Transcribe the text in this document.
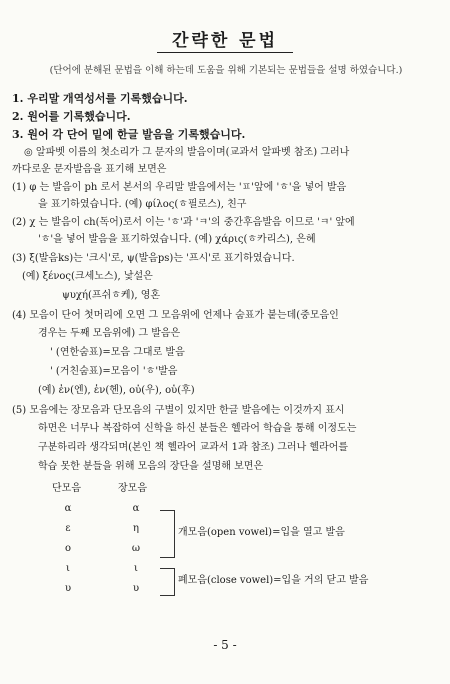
간략한 문법
(단어에 분해된 문법을 이해 하는데 도움을 위해 기본되는 문법들을 설명 하였습니다.)
1. 우리말 개역성서를 기록했습니다.
2. 원어를 기록했습니다.
3. 원어 각 단어 밑에 한글 발음을 기록했습니다.
◎ 알파벳 이름의 첫소리가 그 문자의 발음이며(교과서 알파벳 참조) 그러나
까다로운 문자발음을 표기해 보면은
(1) φ 는 발음이 ph 로서 본서의 우리말 발음에서는 'ㅍ'앞에 'ㅎ'을 넣어 발음
을 표기하였습니다. (예) φίλος(ㅎ필로스), 친구
(2) χ 는 발음이 ch(독어)로서 이는 'ㅎ'과 'ㅋ'의 중간후음발음 이므로 'ㅋ' 앞에
'ㅎ'을 넣어 발음을 표기하였습니다. (예) χάρις(ㅎ카리스), 은혜
(3) ξ(발음ks)는 '크시'로, ψ(발음ps)는 '프시'로 표기하였습니다.
(예) ξένος(크세노스), 낯설은
ψυχή(프쉬ㅎ케), 영혼
(4) 모음이 단어 첫머리에 오면 그 모음위에 언제나 숨표가 붙는데(중모음인
경우는 두째 모음위에) 그 발음은
' (연한숨표)=모음 그대로 발음
' (거친숨표)=모음이 'ㅎ'발음
(예) ἐν(엔), ἑν(헨), οὐ(우), οὑ(후)
(5) 모음에는 장모음과 단모음의 구별이 있지만 한글 발음에는 이것까지 표시
하면은 너무나 복잡하여 신학을 하신 분들은 헬라어 학습을 통해 이정도는
구분하리라 생각되며(본인 책 헬라어 교과서 1과 참조) 그러나 헬라어를
학습 못한 분들을 위해 모음의 장단을 설명해 보면은
단모음	장모음
α
ε
ο
ι
υ
α
η
ω
ι
υ
개모음(open vowel)=입을 열고 발음
폐모음(close vowel)=입을 거의 닫고 발음
- 5 -
